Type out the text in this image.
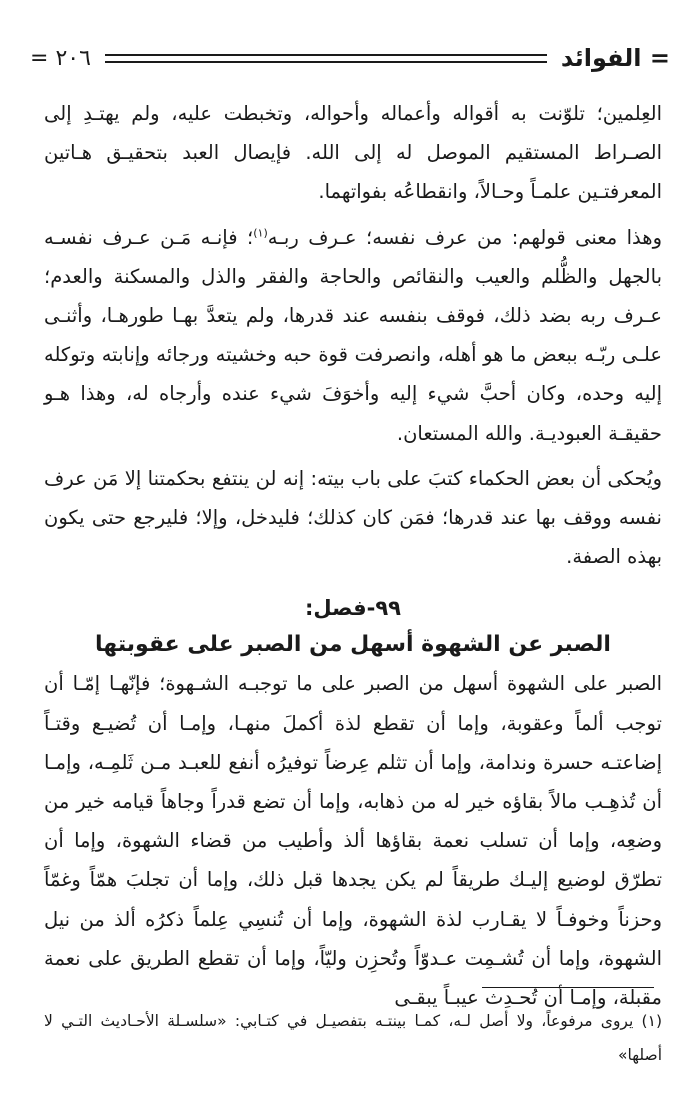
= الفوائد
٢٠٦ =

العِلمين؛ تلوّنت به أقواله وأعماله وأحواله، وتخبطت عليه، ولم يهتـدِ إلى الصـراط المستقيم الموصل له إلى الله. فإيصال العبد بتحقيـق هـاتين المعرفتـين علمـاً وحـالاً، وانقطاعُه بفواتهما.

وهذا معنى قولهم: من عرف نفسه؛ عـرف ربـه$^{(١)}$؛ فإنـه مَـن عـرف نفسـه بالجهل والظُّلم والعيب والنقائص والحاجة والفقر والذل والمسكنة والعدم؛ عـرف ربه بضد ذلك، فوقف بنفسه عند قدرها، ولم يتعدَّ بهـا طورهـا، وأثنـى علـى ربّـه ببعض ما هو أهله، وانصرفت قوة حبه وخشيته ورجائه وإنابته وتوكله إليه وحده، وكان أحبَّ شيء إليه وأخوَفَ شيء عنده وأرجاه له، وهذا هـو حقيقـة العبوديـة. والله المستعان.

ويُحكى أن بعض الحكماء كتبَ على باب بيته: إنه لن ينتفع بحكمتنا إلا مَن عرف نفسه ووقف بها عند قدرها؛ فمَن كان كذلك؛ فليدخل، وإلا؛ فليرجع حتى يكون بهذه الصفة.

٩٩-فصل:
الصبر عن الشهوة أسهل من الصبر على عقوبتها

الصبر على الشهوة أسهل من الصبر على ما توجبـه الشـهوة؛ فإنّهـا إمّـا أن توجب ألماً وعقوبة، وإما أن تقطع لذة أكملَ منهـا، وإمـا أن تُضيـع وقتـاً إضاعتـه حسرة وندامة، وإما أن تثلم عِرضاً توفيرُه أنفع للعبـد مـن ثَلمِـه، وإمـا أن تُذهِـب مالاً بقاؤه خير له من ذهابه، وإما أن تضع قدراً وجاهاً قيامه خير من وضعِه، وإما أن تسلب نعمة بقاؤها ألذ وأطيب من قضاء الشهوة، وإما أن تطرّق لوضيع إليـك طريقاً لم يكن يجدها قبل ذلك، وإما أن تجلبَ همّاً وغمّاً وحزناً وخوفـاً لا يقـارب لذة الشهوة، وإما أن تُنسِي عِلماً ذكرُه ألذ من نيل الشهوة، وإما أن تُشـمِت عـدوّاً وتُحزِن وليّاً، وإما أن تقطع الطريق على نعمة مقبلة، وإمـا أن تُحـدِث عيبـاً يبقـى

(١) يروى مرفوعاً، ولا أصل لـه، كمـا بينتـه بتفصيـل في كتـابي: «سلسـلة الأحـاديث التـي لا أصلها»
